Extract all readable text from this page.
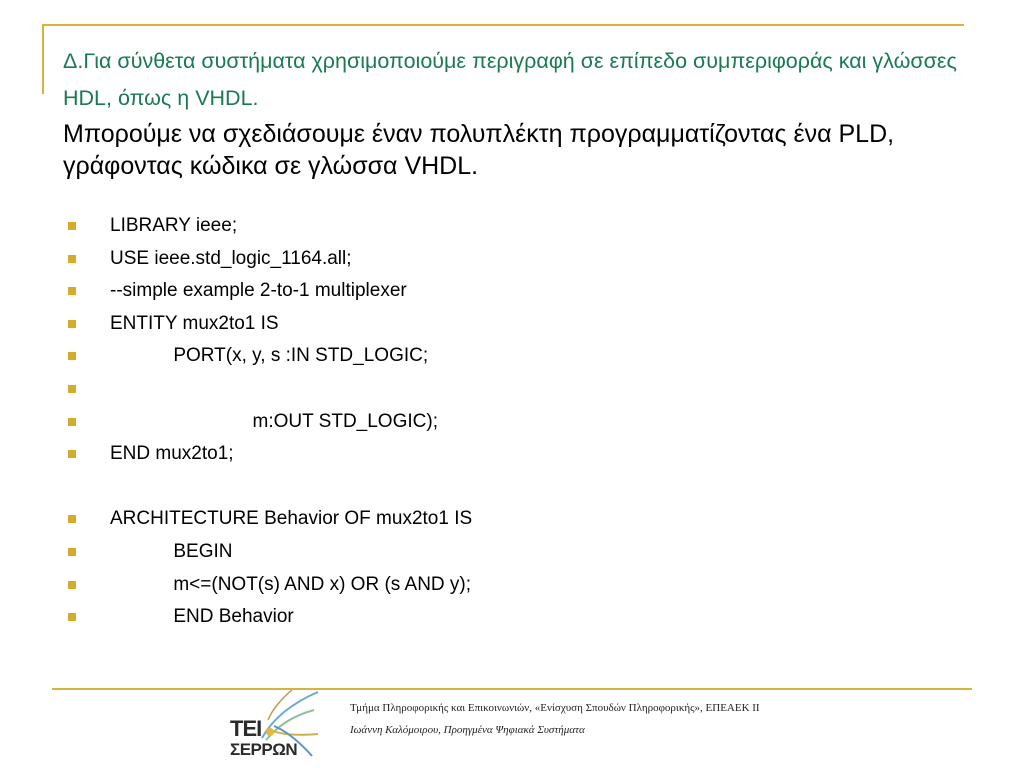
Δ.Για σύνθετα συστήματα χρησιμοποιούμε περιγραφή σε επίπεδο συμπεριφοράς και γλώσσες HDL, όπως η VHDL.
Μπορούμε να σχεδιάσουμε έναν πολυπλέκτη προγραμματίζοντας ένα PLD, γράφοντας κώδικα σε γλώσσα VHDL.
LIBRARY ieee;
USE ieee.std_logic_1164.all;
--simple example 2-to-1 multiplexer
ENTITY mux2to1 IS
PORT(x, y, s :IN STD_LOGIC;
m:OUT STD_LOGIC);
END mux2to1;
ARCHITECTURE Behavior OF mux2to1 IS
BEGIN
m<=(NOT(s) AND x) OR (s AND y);
END Behavior
ΤΕΙ
ΣΕΡΡΩΝ
Τμήμα Πληροφορικής και Επικοινωνιών, «Ενίσχυση Σπουδών Πληροφορικής», ΕΠΕΑΕΚ ΙΙ
Ιωάννη Καλόμοιρου, Προηγμένα Ψηφιακά Συστήματα
